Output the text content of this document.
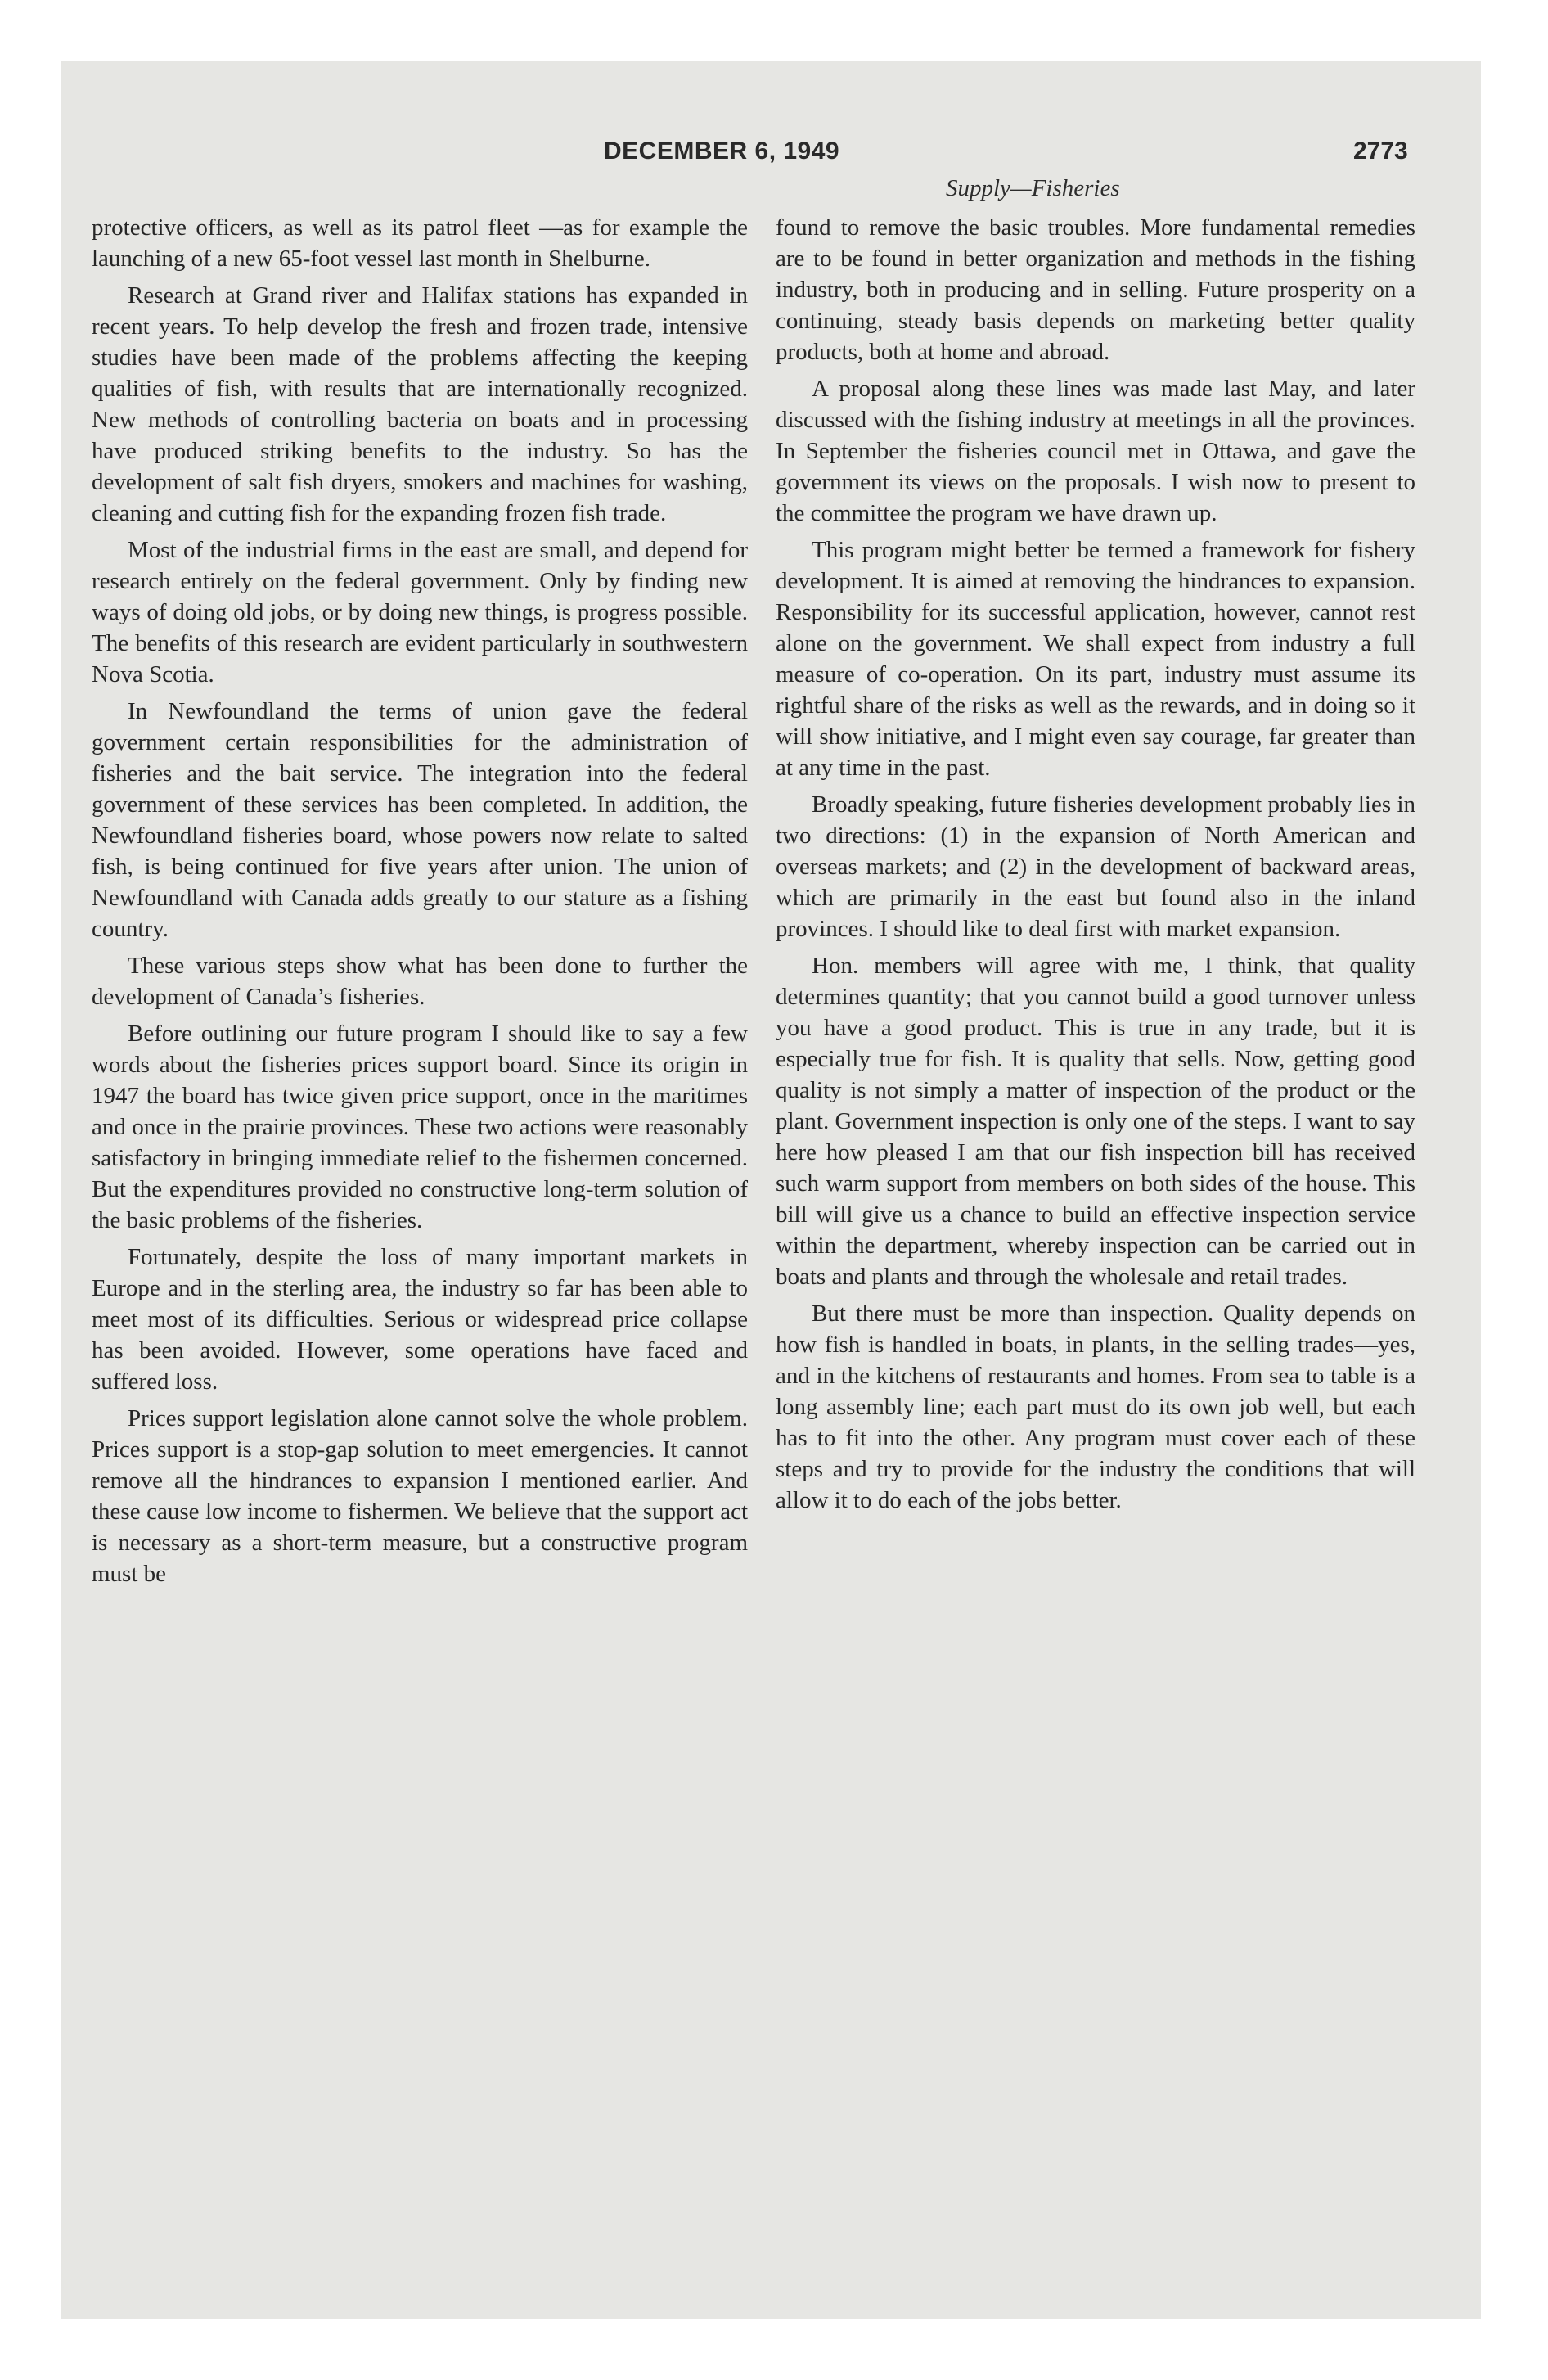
DECEMBER 6, 1949	2773
Supply—Fisheries

protective officers, as well as its patrol fleet —as for example the launching of a new 65-foot vessel last month in Shelburne.

Research at Grand river and Halifax stations has expanded in recent years. To help develop the fresh and frozen trade, intensive studies have been made of the problems affecting the keeping qualities of fish, with results that are internationally recognized. New methods of controlling bacteria on boats and in processing have produced striking benefits to the industry. So has the development of salt fish dryers, smokers and machines for washing, cleaning and cutting fish for the expanding frozen fish trade.

Most of the industrial firms in the east are small, and depend for research entirely on the federal government. Only by finding new ways of doing old jobs, or by doing new things, is progress possible. The benefits of this research are evident particularly in southwestern Nova Scotia.

In Newfoundland the terms of union gave the federal government certain responsibilities for the administration of fisheries and the bait service. The integration into the federal government of these services has been completed. In addition, the Newfoundland fisheries board, whose powers now relate to salted fish, is being continued for five years after union. The union of Newfoundland with Canada adds greatly to our stature as a fishing country.

These various steps show what has been done to further the development of Canada’s fisheries.

Before outlining our future program I should like to say a few words about the fisheries prices support board. Since its origin in 1947 the board has twice given price support, once in the maritimes and once in the prairie provinces. These two actions were reasonably satisfactory in bringing immediate relief to the fishermen concerned. But the expenditures provided no constructive long-term solution of the basic problems of the fisheries.

Fortunately, despite the loss of many important markets in Europe and in the sterling area, the industry so far has been able to meet most of its difficulties. Serious or widespread price collapse has been avoided. However, some operations have faced and suffered loss.

Prices support legislation alone cannot solve the whole problem. Prices support is a stop-gap solution to meet emergencies. It cannot remove all the hindrances to expansion I mentioned earlier. And these cause low income to fishermen. We believe that the support act is necessary as a short-term measure, but a constructive program must be

found to remove the basic troubles. More fundamental remedies are to be found in better organization and methods in the fishing industry, both in producing and in selling. Future prosperity on a continuing, steady basis depends on marketing better quality products, both at home and abroad.

A proposal along these lines was made last May, and later discussed with the fishing industry at meetings in all the provinces. In September the fisheries council met in Ottawa, and gave the government its views on the proposals. I wish now to present to the committee the program we have drawn up.

This program might better be termed a framework for fishery development. It is aimed at removing the hindrances to expansion. Responsibility for its successful application, however, cannot rest alone on the government. We shall expect from industry a full measure of co-operation. On its part, industry must assume its rightful share of the risks as well as the rewards, and in doing so it will show initiative, and I might even say courage, far greater than at any time in the past.

Broadly speaking, future fisheries development probably lies in two directions: (1) in the expansion of North American and overseas markets; and (2) in the development of backward areas, which are primarily in the east but found also in the inland provinces. I should like to deal first with market expansion.

Hon. members will agree with me, I think, that quality determines quantity; that you cannot build a good turnover unless you have a good product. This is true in any trade, but it is especially true for fish. It is quality that sells. Now, getting good quality is not simply a matter of inspection of the product or the plant. Government inspection is only one of the steps. I want to say here how pleased I am that our fish inspection bill has received such warm support from members on both sides of the house. This bill will give us a chance to build an effective inspection service within the department, whereby inspection can be carried out in boats and plants and through the wholesale and retail trades.

But there must be more than inspection. Quality depends on how fish is handled in boats, in plants, in the selling trades—yes, and in the kitchens of restaurants and homes. From sea to table is a long assembly line; each part must do its own job well, but each has to fit into the other. Any program must cover each of these steps and try to provide for the industry the conditions that will allow it to do each of the jobs better.
